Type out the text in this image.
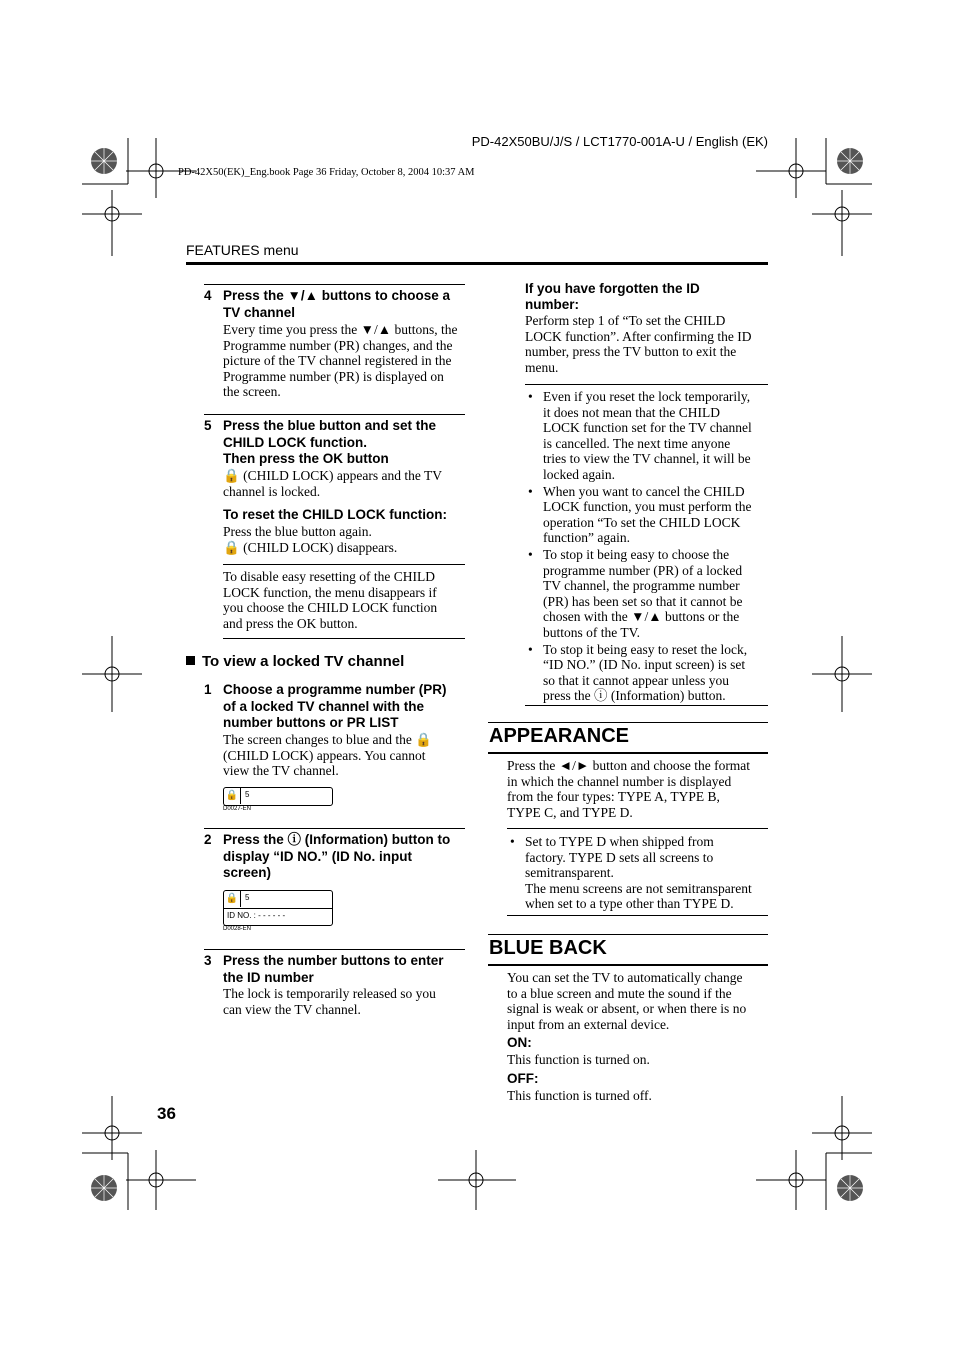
PD-42X50BU/J/S / LCT1770-001A-U / English (EK)
PD-42X50(EK)_Eng.book Page 36 Friday, October 8, 2004 10:37 AM
FEATURES menu
4 Press the ▼/▲ buttons to choose a
TV channel
Every time you press the ▼/▲ buttons, the
Programme number (PR) changes, and the
picture of the TV channel registered in the
Programme number (PR) is displayed on
the screen.
5 Press the blue button and set the
CHILD LOCK function.
Then press the OK button
🔒 (CHILD LOCK) appears and the TV
channel is locked.
To reset the CHILD LOCK function:
Press the blue button again.
🔒 (CHILD LOCK) disappears.
To disable easy resetting of the CHILD
LOCK function, the menu disappears if
you choose the CHILD LOCK function
and press the OK button.
To view a locked TV channel
1 Choose a programme number (PR)
of a locked TV channel with the
number buttons or PR LIST
The screen changes to blue and the 🔒
(CHILD LOCK) appears. You cannot
view the TV channel.
🔒 5
D0027-EN
2 Press the ⓘ (Information) button to
display “ID NO.” (ID No. input
screen)
🔒 5
ID NO. : - - - - - -
D0028-EN
3 Press the number buttons to enter
the ID number
The lock is temporarily released so you
can view the TV channel.
36
If you have forgotten the ID
number:
Perform step 1 of “To set the CHILD
LOCK function”. After confirming the ID
number, press the TV button to exit the
menu.
• Even if you reset the lock temporarily,
it does not mean that the CHILD
LOCK function set for the TV channel
is cancelled. The next time anyone
tries to view the TV channel, it will be
locked again.
• When you want to cancel the CHILD
LOCK function, you must perform the
operation “To set the CHILD LOCK
function” again.
• To stop it being easy to choose the
programme number (PR) of a locked
TV channel, the programme number
(PR) has been set so that it cannot be
chosen with the ▼/▲ buttons or the
buttons of the TV.
• To stop it being easy to reset the lock,
“ID NO.” (ID No. input screen) is set
so that it cannot appear unless you
press the ⓘ (Information) button.
APPEARANCE
Press the ◄/► button and choose the format
in which the channel number is displayed
from the four types: TYPE A, TYPE B,
TYPE C, and TYPE D.
• Set to TYPE D when shipped from
factory. TYPE D sets all screens to
semitransparent.
The menu screens are not semitransparent
when set to a type other than TYPE D.
BLUE BACK
You can set the TV to automatically change
to a blue screen and mute the sound if the
signal is weak or absent, or when there is no
input from an external device.
ON:
This function is turned on.
OFF:
This function is turned off.
